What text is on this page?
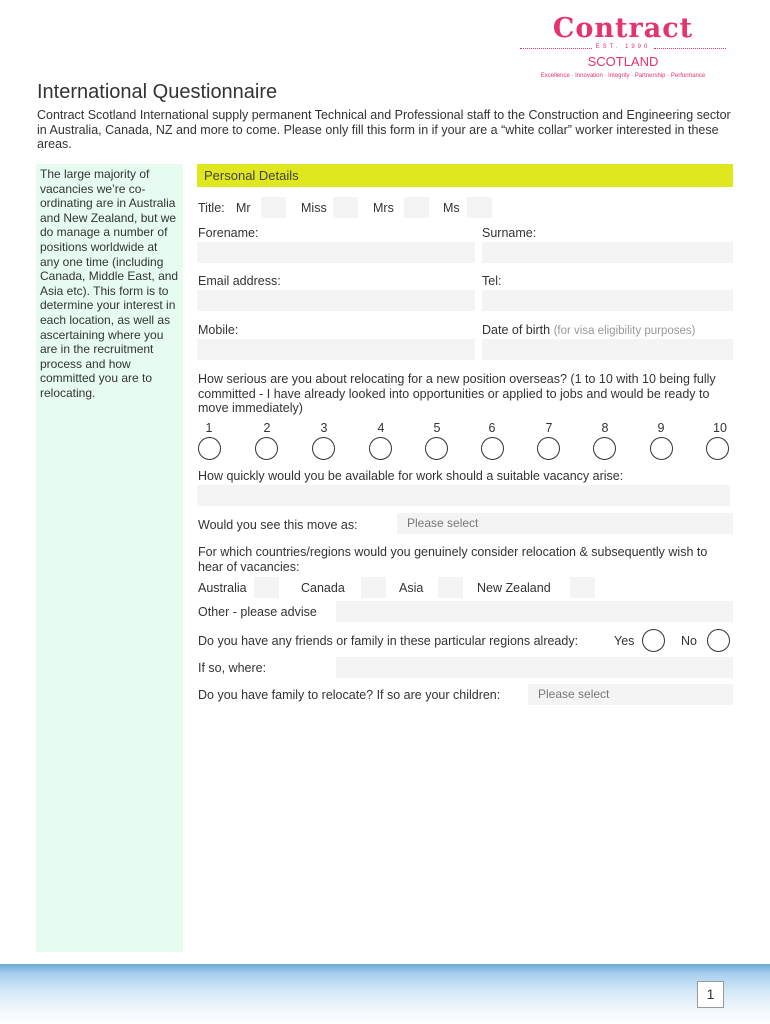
Contract
EST. 1990
SCOTLAND
Excellence · Innovation · Integrity · Partnership · Performance
International Questionnaire
Contract Scotland International supply permanent Technical and Professional staff to the Construction and Engineering sector in Australia, Canada, NZ and more to come. Please only fill this form in if your are a “white collar” worker interested in these areas.
The large majority of vacancies we’re co-ordinating are in Australia and New Zealand, but we do manage a number of positions worldwide at any one time (including Canada, Middle East, and Asia etc). This form is to determine your interest in each location, as well as ascertaining where you are in the recruitment process and how committed you are to relocating.
Personal Details
Title: Mr	Miss	Mrs	Ms
Forename:	Surname:
Email address:	Tel:
Mobile:	Date of birth (for visa eligibility purposes)
How serious are you about relocating for a new position overseas? (1 to 10 with 10 being fully committed - I have already looked into opportunities or applied to jobs and would be ready to move immediately)
1	2	3	4	5	6	7	8	9	10
How quickly would you be available for work should a suitable vacancy arise:
Would you see this move as:	Please select
For which countries/regions would you genuinely consider relocation & subsequently wish to hear of vacancies:
Australia	Canada	Asia	New Zealand
Other - please advise
Do you have any friends or family in these particular regions already:	Yes	No
If so, where:
Do you have family to relocate? If so are your children:	Please select
1
